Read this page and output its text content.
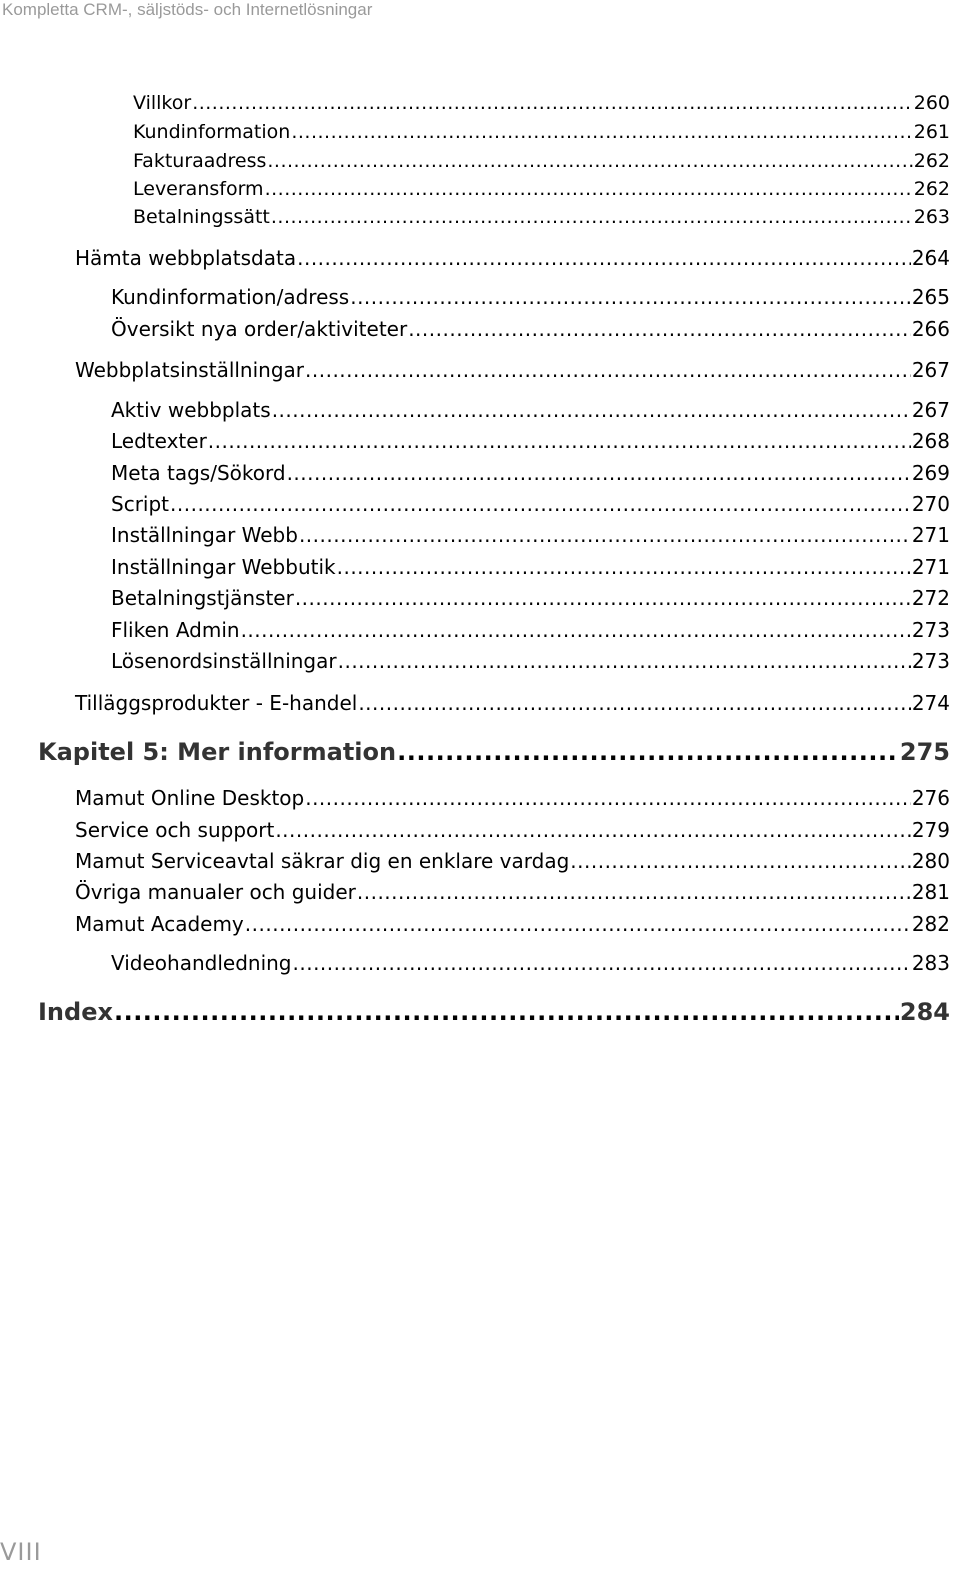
Kompletta CRM-, säljstöds- och Internetlösningar
Villkor .....	260
Kundinformation .....	261
Fakturaadress .....	262
Leveransform .....	262
Betalningssätt .....	263
Hämta webbplatsdata .....	264
Kundinformation/adress .....	265
Översikt nya order/aktiviteter .....	266
Webbplatsinställningar .....	267
Aktiv webbplats .....	267
Ledtexter .....	268
Meta tags/Sökord .....	269
Script .....	270
Inställningar Webb .....	271
Inställningar Webbutik .....	271
Betalningstjänster .....	272
Fliken Admin .....	273
Lösenordsinställningar .....	273
Tilläggsprodukter - E-handel .....	274
Kapitel 5: Mer information .....	275
Mamut Online Desktop .....	276
Service och support .....	279
Mamut Serviceavtal säkrar dig en enklare vardag .....	280
Övriga manualer och guider .....	281
Mamut Academy .....	282
Videohandledning .....	283
Index .....	284
VIII
